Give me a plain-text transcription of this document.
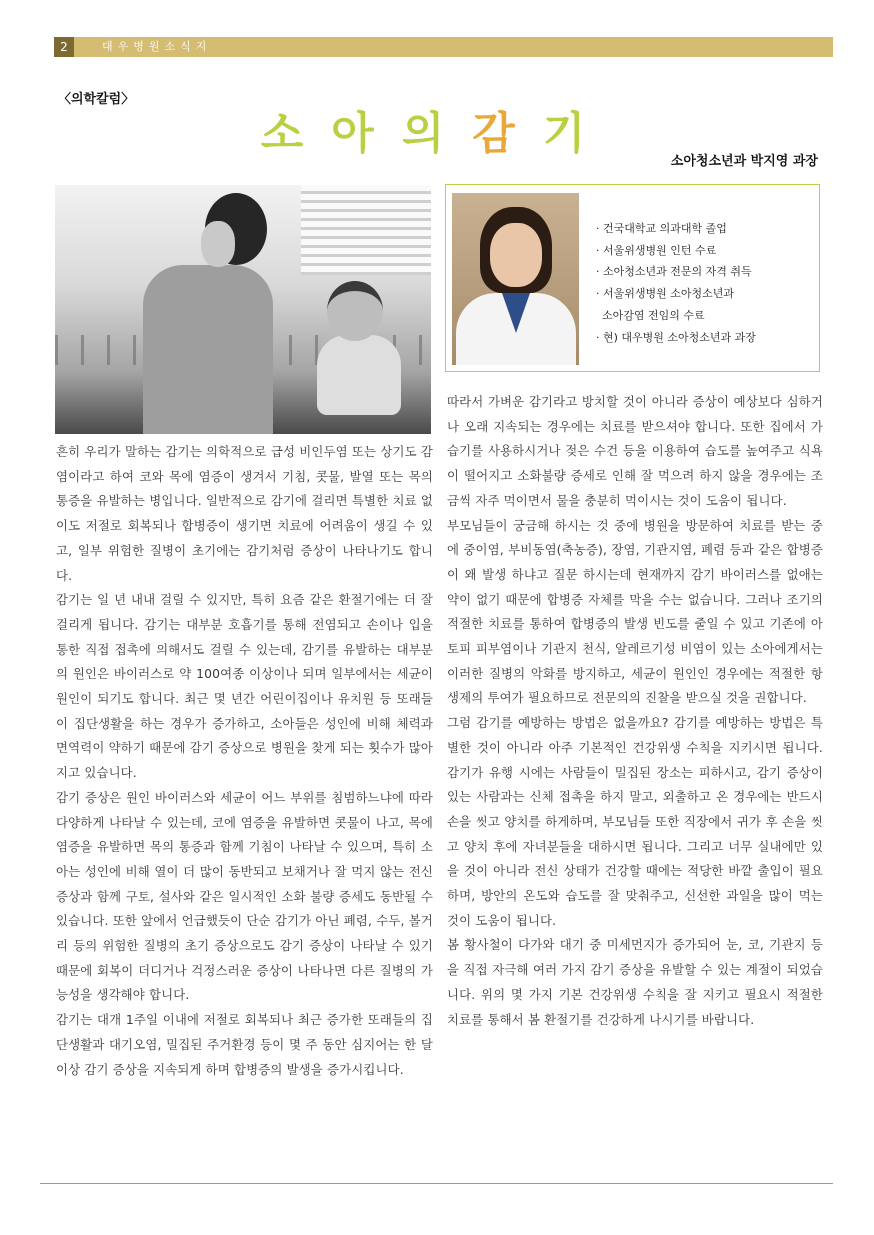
2	대우병원소식지
〈의학칼럼〉
소아의감기
소아청소년과 박지영 과장
· 건국대학교 의과대학 졸업
· 서울위생병원 인턴 수료
· 소아청소년과 전문의 자격 취득
· 서울위생병원 소아청소년과
소아감염 전임의 수료
· 현) 대우병원 소아청소년과 과장

흔히 우리가 말하는 감기는 의학적으로 급성 비인두염 또는 상기도 감염이라고 하여 코와 목에 염증이 생겨서 기침, 콧물, 발열 또는 목의 통증을 유발하는 병입니다. 일반적으로 감기에 걸리면 특별한 치료 없이도 저절로 회복되나 합병증이 생기면 치료에 어려움이 생길 수 있고, 일부 위험한 질병이 초기에는 감기처럼 증상이 나타나기도 합니다.

감기는 일 년 내내 걸릴 수 있지만, 특히 요즘 같은 환절기에는 더 잘 걸리게 됩니다. 감기는 대부분 호흡기를 통해 전염되고 손이나 입을 통한 직접 접촉에 의해서도 걸릴 수 있는데, 감기를 유발하는 대부분의 원인은 바이러스로 약 100여종 이상이나 되며 일부에서는 세균이 원인이 되기도 합니다. 최근 몇 년간 어린이집이나 유치원 등 또래들이 집단생활을 하는 경우가 증가하고, 소아들은 성인에 비해 체력과 면역력이 약하기 때문에 감기 증상으로 병원을 찾게 되는 횟수가 많아지고 있습니다.

감기 증상은 원인 바이러스와 세균이 어느 부위를 침범하느냐에 따라 다양하게 나타날 수 있는데, 코에 염증을 유발하면 콧물이 나고, 목에 염증을 유발하면 목의 통증과 함께 기침이 나타날 수 있으며, 특히 소아는 성인에 비해 열이 더 많이 동반되고 보채거나 잘 먹지 않는 전신 증상과 함께 구토, 설사와 같은 일시적인 소화 불량 증세도 동반될 수 있습니다. 또한 앞에서 언급했듯이 단순 감기가 아닌 폐렴, 수두, 볼거리 등의 위험한 질병의 초기 증상으로도 감기 증상이 나타날 수 있기 때문에 회복이 더디거나 걱정스러운 증상이 나타나면 다른 질병의 가능성을 생각해야 합니다.

감기는 대개 1주일 이내에 저절로 회복되나 최근 증가한 또래들의 집단생활과 대기오염, 밀집된 주거환경 등이 몇 주 동안 심지어는 한 달 이상 감기 증상을 지속되게 하며 합병증의 발생을 증가시킵니다.

따라서 가벼운 감기라고 방치할 것이 아니라 증상이 예상보다 심하거나 오래 지속되는 경우에는 치료를 받으셔야 합니다. 또한 집에서 가습기를 사용하시거나 젖은 수건 등을 이용하여 습도를 높여주고 식욕이 떨어지고 소화불량 증세로 인해 잘 먹으려 하지 않을 경우에는 조금씩 자주 먹이면서 물을 충분히 먹이시는 것이 도움이 됩니다.

부모님들이 궁금해 하시는 것 중에 병원을 방문하여 치료를 받는 중에 중이염, 부비동염(축농증), 장염, 기관지염, 폐렴 등과 같은 합병증이 왜 발생 하냐고 질문 하시는데 현재까지 감기 바이러스를 없애는 약이 없기 때문에 합병증 자체를 막을 수는 없습니다. 그러나 조기의 적절한 치료를 통하여 합병증의 발생 빈도를 줄일 수 있고 기존에 아토피 피부염이나 기관지 천식, 알레르기성 비염이 있는 소아에게서는 이러한 질병의 악화를 방지하고, 세균이 원인인 경우에는 적절한 항생제의 투여가 필요하므로 전문의의 진찰을 받으실 것을 권합니다.

그럼 감기를 예방하는 방법은 없을까요? 감기를 예방하는 방법은 특별한 것이 아니라 아주 기본적인 건강위생 수칙을 지키시면 됩니다. 감기가 유행 시에는 사람들이 밀집된 장소는 피하시고, 감기 증상이 있는 사람과는 신체 접촉을 하지 말고, 외출하고 온 경우에는 반드시 손을 씻고 양치를 하게하며, 부모님들 또한 직장에서 귀가 후 손을 씻고 양치 후에 자녀분들을 대하시면 됩니다. 그리고 너무 실내에만 있을 것이 아니라 전신 상태가 건강할 때에는 적당한 바깥 출입이 필요하며, 방안의 온도와 습도를 잘 맞춰주고, 신선한 과일을 많이 먹는 것이 도움이 됩니다.

봄 황사철이 다가와 대기 중 미세먼지가 증가되어 눈, 코, 기관지 등을 직접 자극해 여러 가지 감기 증상을 유발할 수 있는 계절이 되었습니다. 위의 몇 가지 기본 건강위생 수칙을 잘 지키고 필요시 적절한 치료를 통해서 봄 환절기를 건강하게 나시기를 바랍니다.
